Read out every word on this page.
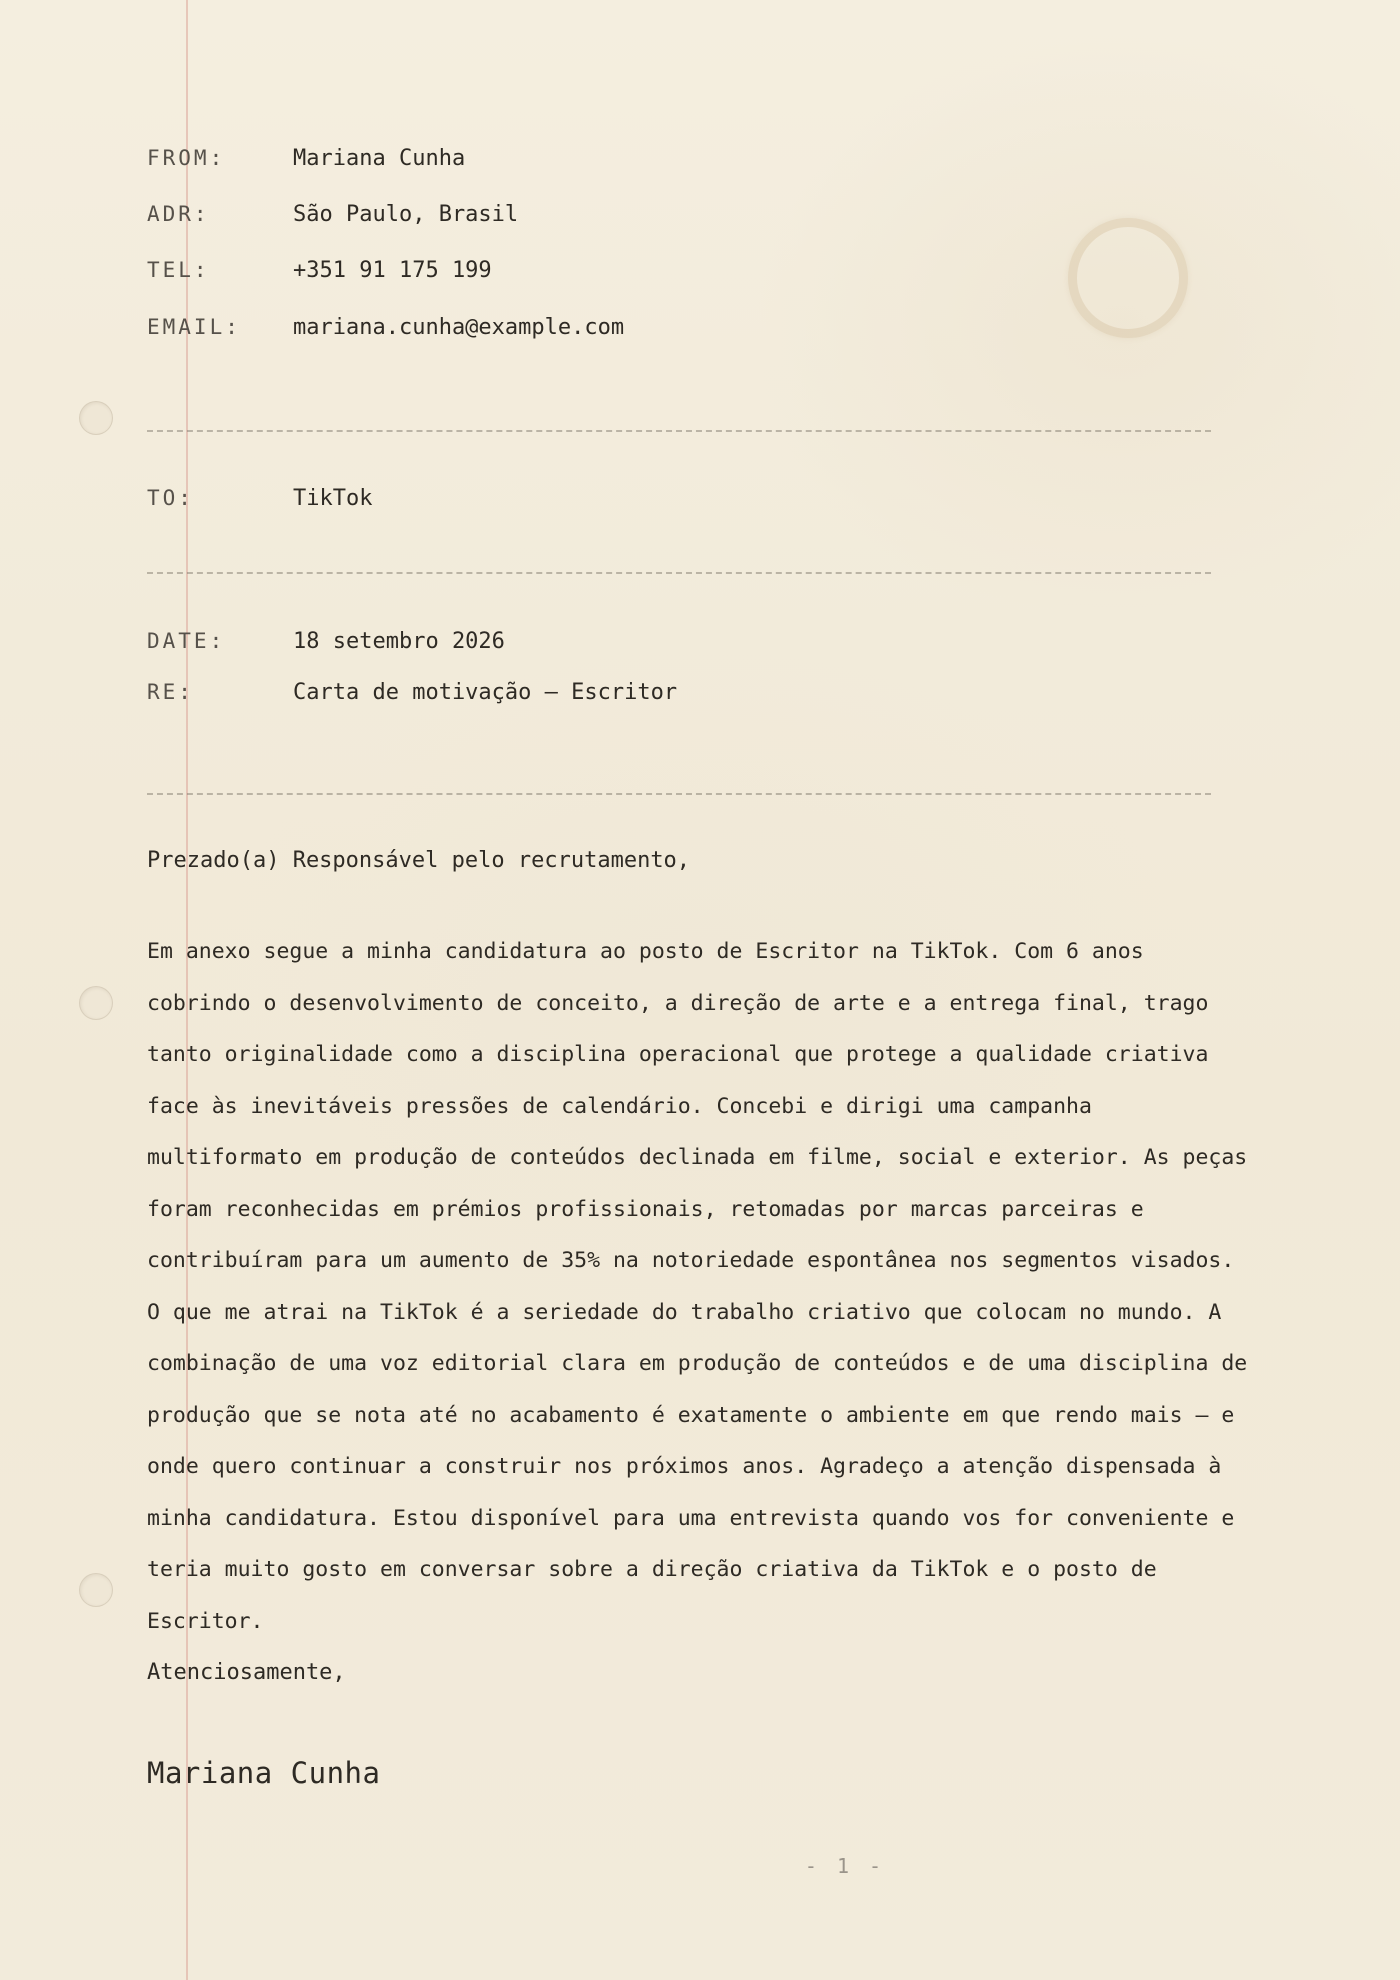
FROM:	Mariana Cunha
ADR:	São Paulo, Brasil
TEL:	+351 91 175 199
EMAIL:	mariana.cunha@example.com
TO:	TikTok
DATE:	18 setembro 2026
RE:	Carta de motivação — Escritor
Prezado(a) Responsável pelo recrutamento,

Em anexo segue a minha candidatura ao posto de Escritor na TikTok. Com 6 anos cobrindo o desenvolvimento de conceito, a direção de arte e a entrega final, trago tanto originalidade como a disciplina operacional que protege a qualidade criativa face às inevitáveis pressões de calendário. Concebi e dirigi uma campanha multiformato em produção de conteúdos declinada em filme, social e exterior. As peças foram reconhecidas em prémios profissionais, retomadas por marcas parceiras e contribuíram para um aumento de 35% na notoriedade espontânea nos segmentos visados. O que me atrai na TikTok é a seriedade do trabalho criativo que colocam no mundo. A combinação de uma voz editorial clara em produção de conteúdos e de uma disciplina de produção que se nota até no acabamento é exatamente o ambiente em que rendo mais — e onde quero continuar a construir nos próximos anos. Agradeço a atenção dispensada à minha candidatura. Estou disponível para uma entrevista quando vos for conveniente e teria muito gosto em conversar sobre a direção criativa da TikTok e o posto de Escritor.

Atenciosamente,
Mariana Cunha
- 1 -
